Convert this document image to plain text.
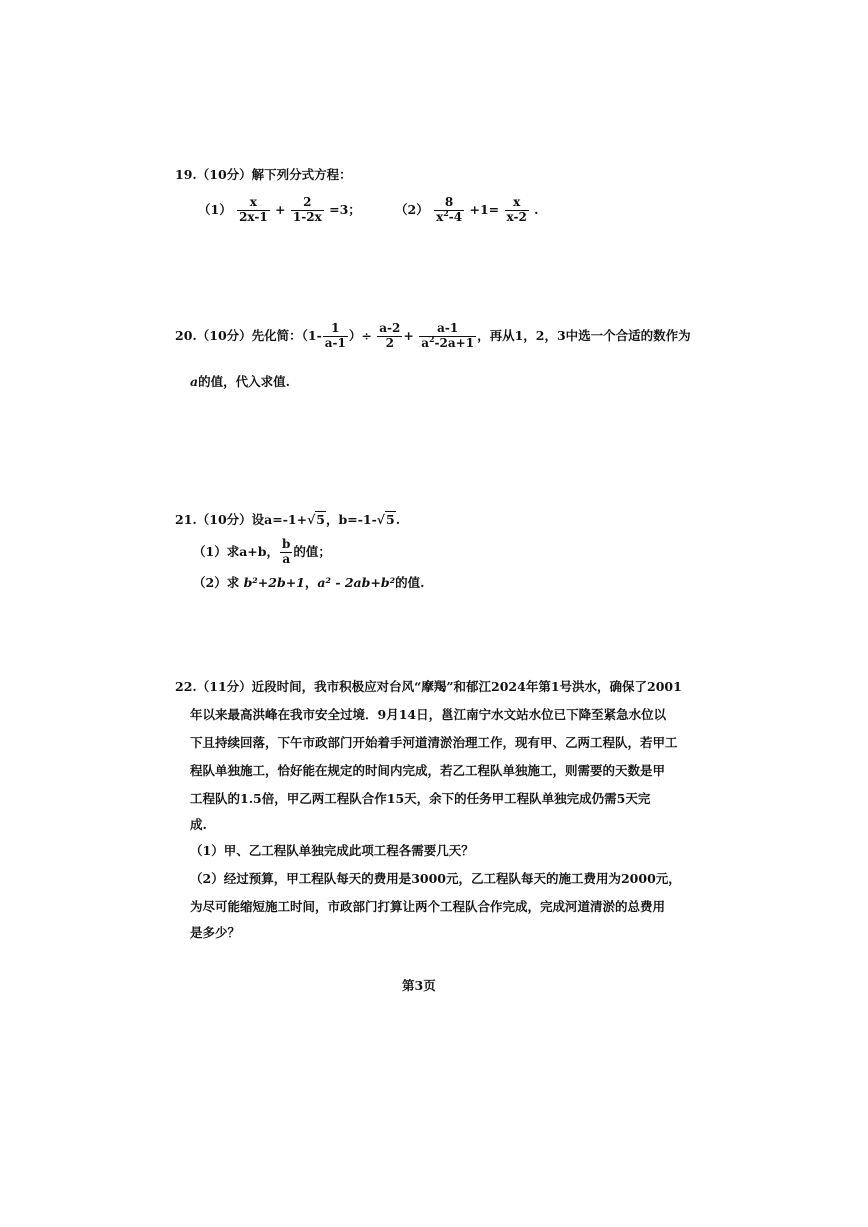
19.（10分）解下列分式方程：
$(1) \frac{x}{2x-1} + \frac{2}{1-2x} =3$；	$(2) \frac{8}{x^2-4} +1= \frac{x}{x-2}$ .
20.（10分）先化简：（$1- \frac{1}{a-1}$ ）÷ $\frac{a-2}{2} + \frac{a-1}{a^2-2a+1}$ ，再从1，2，3中选一个合适的数作为
a的值，代入求值.
21.（10分）设a=-1+√5，b=-1-√5.
（1）求a+b， $\frac{b}{a}$ 的值；
（2）求 b²+2b+1，a² - 2ab+b²的值.
22.（11分）近段时间，我市积极应对台风“摩羯”和郁江2024年第1号洪水，确保了2001
年以来最高洪峰在我市安全过境．9月14日，邕江南宁水文站水位已下降至紧急水位以
下且持续回落，下午市政部门开始着手河道清淤治理工作，现有甲、乙两工程队，若甲工
程队单独施工，恰好能在规定的时间内完成，若乙工程队单独施工，则需要的天数是甲
工程队的1.5倍，甲乙两工程队合作15天，余下的任务甲工程队单独完成仍需5天完
成.
（1）甲、乙工程队单独完成此项工程各需要几天？
（2）经过预算，甲工程队每天的费用是3000元，乙工程队每天的施工费用为2000元，
为尽可能缩短施工时间，市政部门打算让两个工程队合作完成，完成河道清淤的总费用
是多少？
第3页
